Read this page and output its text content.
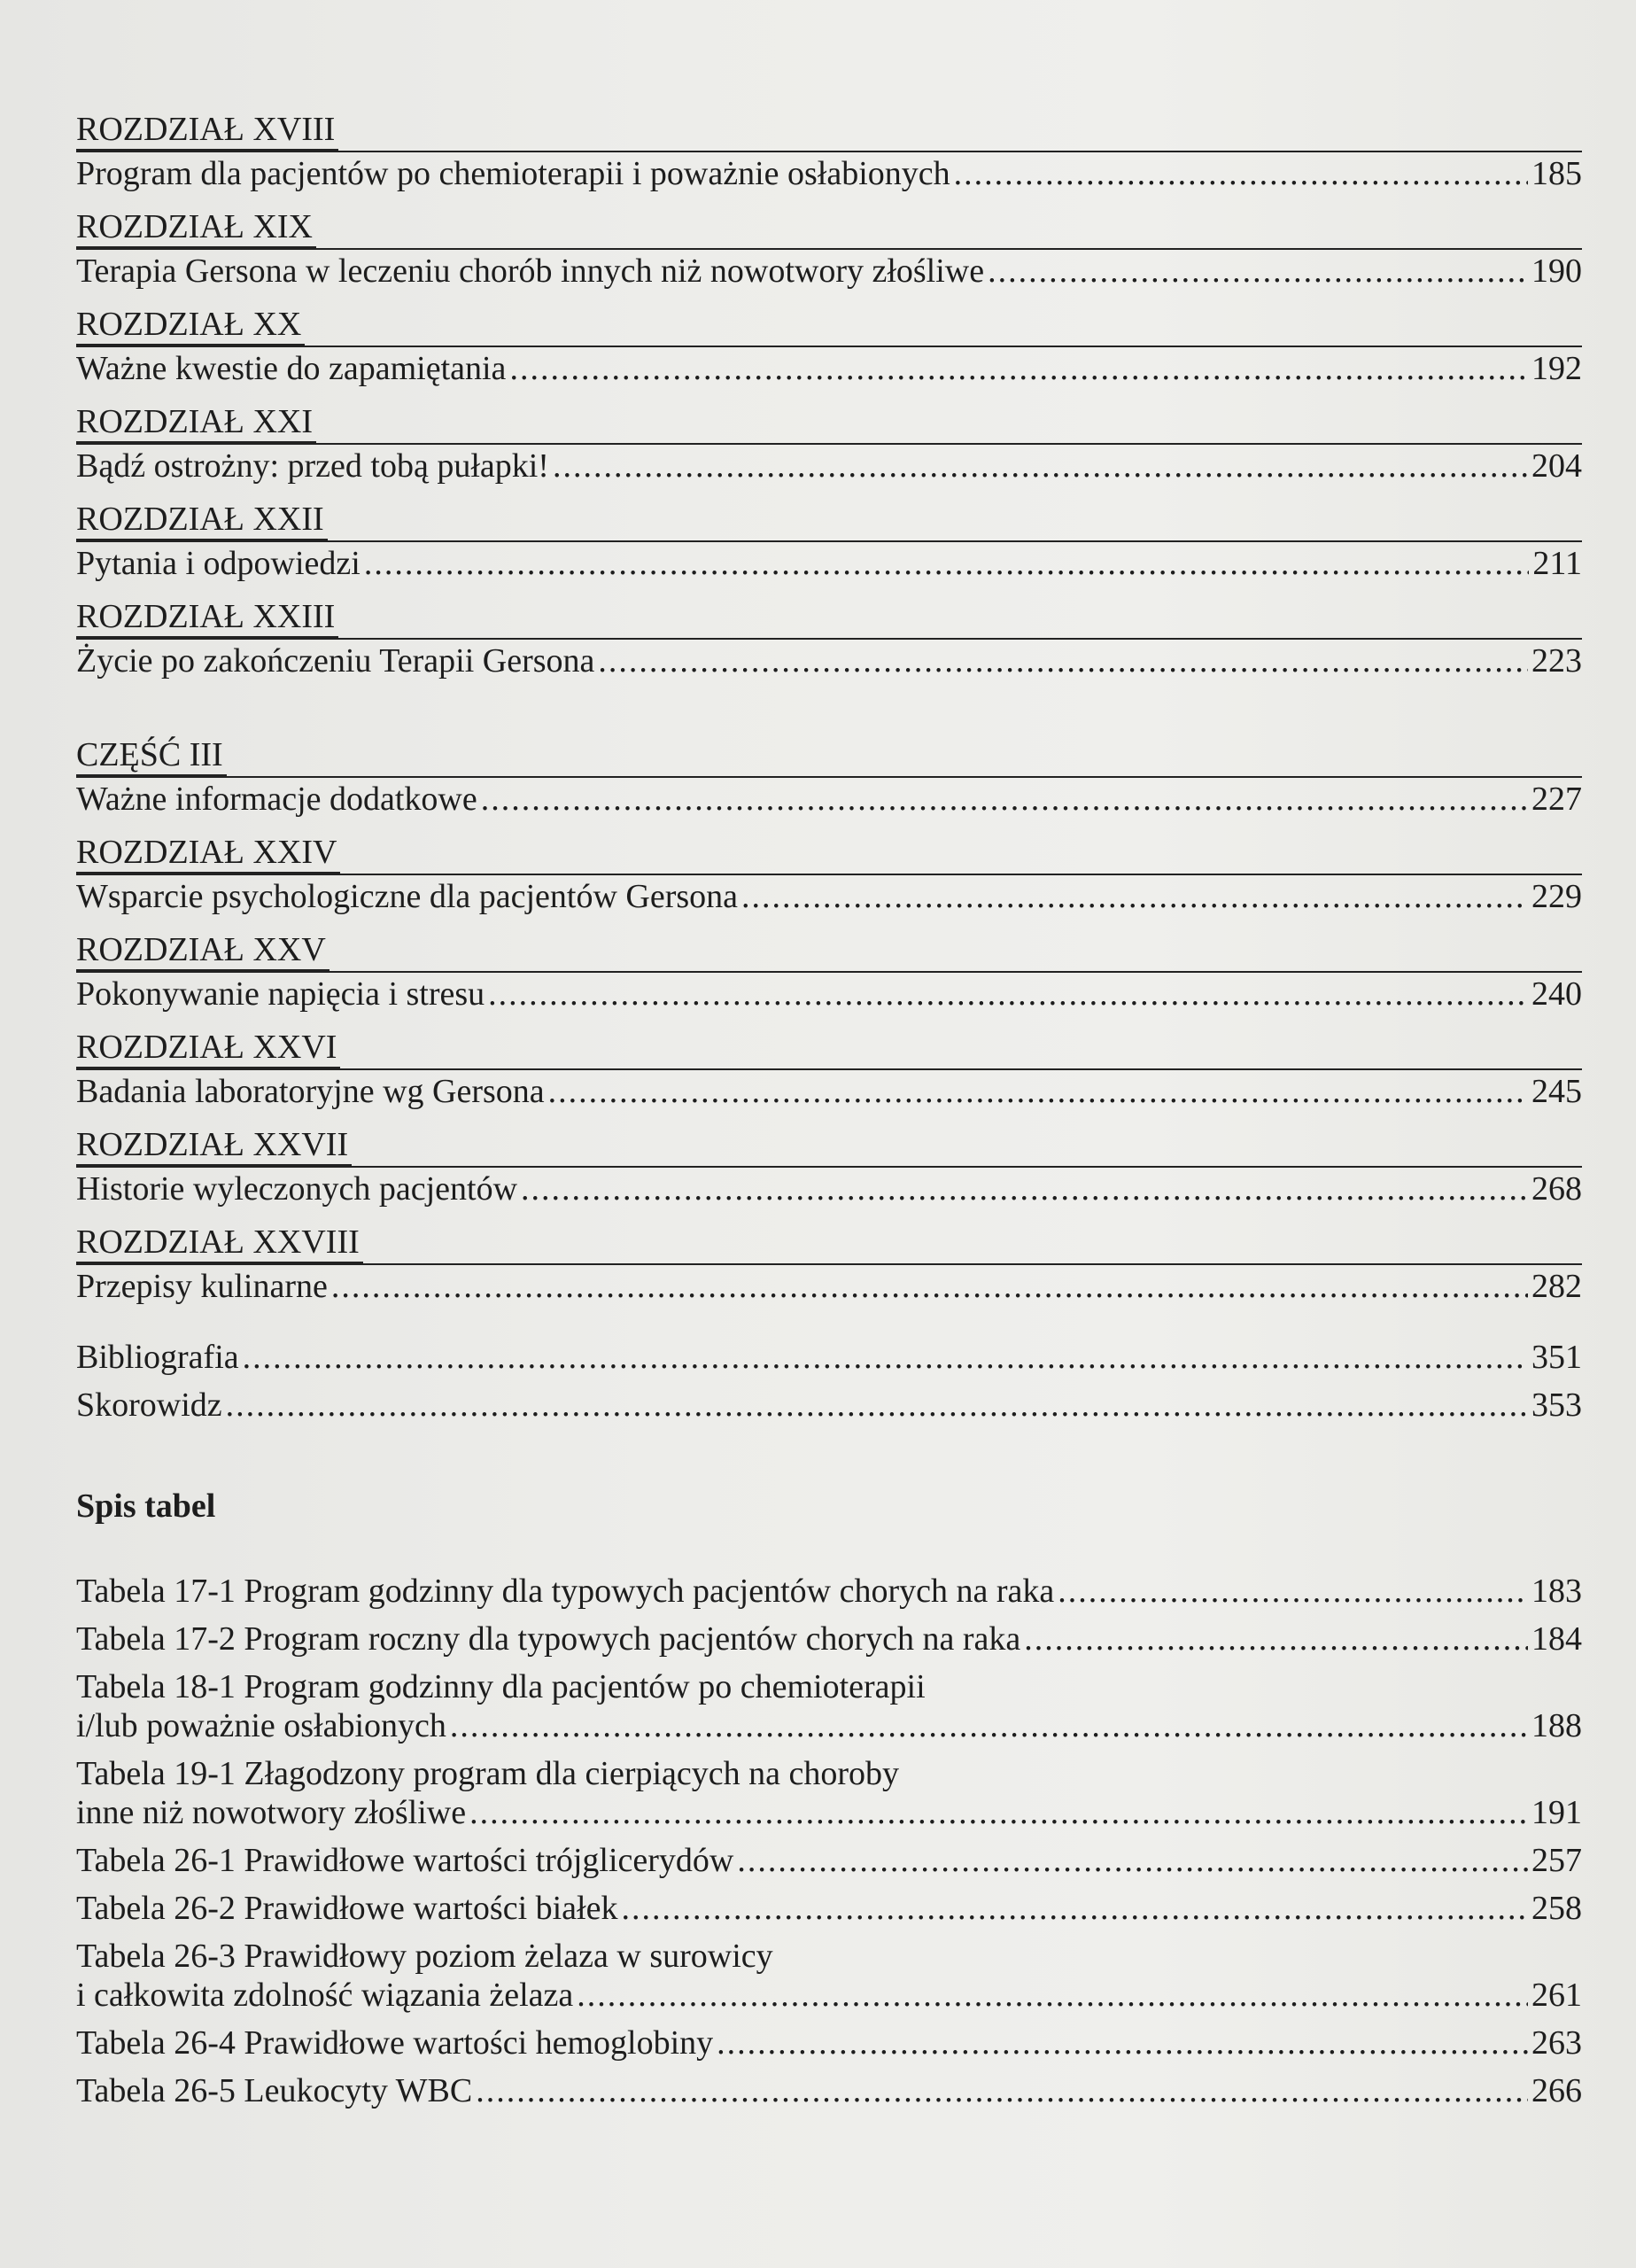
ROZDZIAŁ XVIII
Program dla pacjentów po chemioterapii i poważnie osłabionych .....	185
ROZDZIAŁ XIX
Terapia Gersona w leczeniu chorób innych niż nowotwory złośliwe .....	190
ROZDZIAŁ XX
Ważne kwestie do zapamiętania .....	192
ROZDZIAŁ XXI
Bądź ostrożny: przed tobą pułapki! .....	204
ROZDZIAŁ XXII
Pytania i odpowiedzi .....	211
ROZDZIAŁ XXIII
Życie po zakończeniu Terapii Gersona .....	223
CZĘŚĆ III
Ważne informacje dodatkowe .....	227
ROZDZIAŁ XXIV
Wsparcie psychologiczne dla pacjentów Gersona .....	229
ROZDZIAŁ XXV
Pokonywanie napięcia i stresu .....	240
ROZDZIAŁ XXVI
Badania laboratoryjne wg Gersona .....	245
ROZDZIAŁ XXVII
Historie wyleczonych pacjentów .....	268
ROZDZIAŁ XXVIII
Przepisy kulinarne .....	282
Bibliografia .....	351
Skorowidz .....	353
Spis tabel
Tabela 17-1 Program godzinny dla typowych pacjentów chorych na raka .....	183
Tabela 17-2 Program roczny dla typowych pacjentów chorych na raka .....	184
Tabela 18-1 Program godzinny dla pacjentów po chemioterapii
i/lub poważnie osłabionych .....	188
Tabela 19-1 Złagodzony program dla cierpiących na choroby
inne niż nowotwory złośliwe .....	191
Tabela 26-1 Prawidłowe wartości trójglicerydów .....	257
Tabela 26-2 Prawidłowe wartości białek .....	258
Tabela 26-3 Prawidłowy poziom żelaza w surowicy
i całkowita zdolność wiązania żelaza .....	261
Tabela 26-4 Prawidłowe wartości hemoglobiny .....	263
Tabela 26-5 Leukocyty WBC .....	266
